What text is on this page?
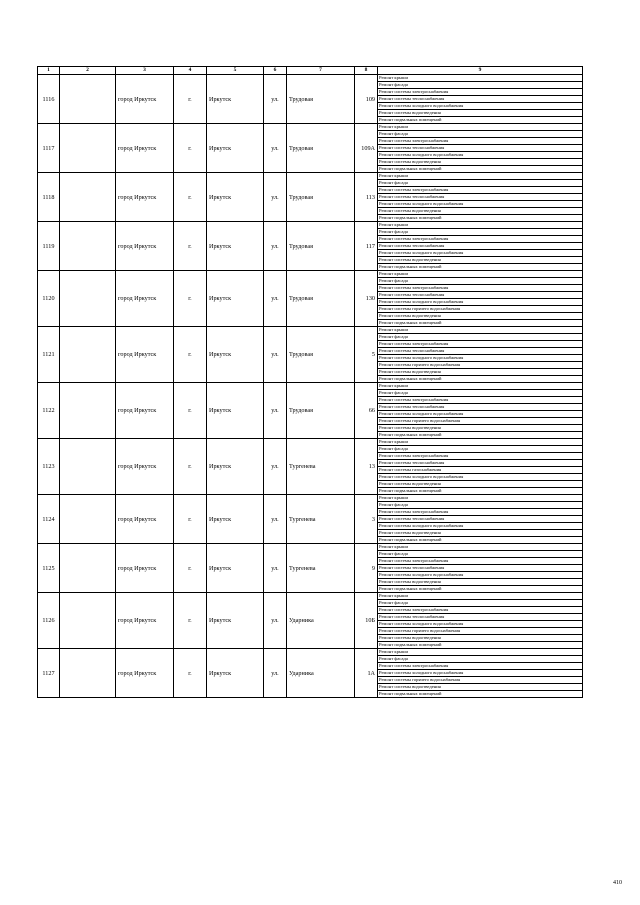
1	2	3	4	5	6	7	8	9
1116		город Иркутск	г.	Иркутск	ул.	Трудовая	109	Ремонт крыши
								Ремонт фасада
								Ремонт системы электроснабжения
								Ремонт системы теплоснабжения
								Ремонт системы холодного водоснабжения
								Ремонт системы водоотведения
								Ремонт подвальных помещений
1117		город Иркутск	г.	Иркутск	ул.	Трудовая	109А	Ремонт крыши
								Ремонт фасада
								Ремонт системы электроснабжения
								Ремонт системы теплоснабжения
								Ремонт системы холодного водоснабжения
								Ремонт системы водоотведения
								Ремонт подвальных помещений
1118		город Иркутск	г.	Иркутск	ул.	Трудовая	113	Ремонт крыши
								Ремонт фасада
								Ремонт системы электроснабжения
								Ремонт системы теплоснабжения
								Ремонт системы холодного водоснабжения
								Ремонт системы водоотведения
								Ремонт подвальных помещений
1119		город Иркутск	г.	Иркутск	ул.	Трудовая	117	Ремонт крыши
								Ремонт фасада
								Ремонт системы электроснабжения
								Ремонт системы теплоснабжения
								Ремонт системы холодного водоснабжения
								Ремонт системы водоотведения
								Ремонт подвальных помещений
1120		город Иркутск	г.	Иркутск	ул.	Трудовая	130	Ремонт крыши
								Ремонт фасада
								Ремонт системы электроснабжения
								Ремонт системы теплоснабжения
								Ремонт системы холодного водоснабжения
								Ремонт системы горячего водоснабжения
								Ремонт системы водоотведения
								Ремонт подвальных помещений
1121		город Иркутск	г.	Иркутск	ул.	Трудовая	5	Ремонт крыши
								Ремонт фасада
								Ремонт системы электроснабжения
								Ремонт системы теплоснабжения
								Ремонт системы холодного водоснабжения
								Ремонт системы горячего водоснабжения
								Ремонт системы водоотведения
								Ремонт подвальных помещений
1122		город Иркутск	г.	Иркутск	ул.	Трудовая	66	Ремонт крыши
								Ремонт фасада
								Ремонт системы электроснабжения
								Ремонт системы теплоснабжения
								Ремонт системы холодного водоснабжения
								Ремонт системы горячего водоснабжения
								Ремонт системы водоотведения
								Ремонт подвальных помещений
1123		город Иркутск	г.	Иркутск	ул.	Тургенева	13	Ремонт крыши
								Ремонт фасада
								Ремонт системы электроснабжения
								Ремонт системы теплоснабжения
								Ремонт системы газоснабжения
								Ремонт системы холодного водоснабжения
								Ремонт системы водоотведения
								Ремонт подвальных помещений
1124		город Иркутск	г.	Иркутск	ул.	Тургенева	3	Ремонт крыши
								Ремонт фасада
								Ремонт системы электроснабжения
								Ремонт системы теплоснабжения
								Ремонт системы холодного водоснабжения
								Ремонт системы водоотведения
								Ремонт подвальных помещений
1125		город Иркутск	г.	Иркутск	ул.	Тургенева	9	Ремонт крыши
								Ремонт фасада
								Ремонт системы электроснабжения
								Ремонт системы теплоснабжения
								Ремонт системы холодного водоснабжения
								Ремонт системы водоотведения
								Ремонт подвальных помещений
1126		город Иркутск	г.	Иркутск	ул.	Ударника	10Б	Ремонт крыши
								Ремонт фасада
								Ремонт системы электроснабжения
								Ремонт системы теплоснабжения
								Ремонт системы холодного водоснабжения
								Ремонт системы горячего водоснабжения
								Ремонт системы водоотведения
								Ремонт подвальных помещений
1127		город Иркутск	г.	Иркутск	ул.	Ударника	1А	Ремонт крыши
								Ремонт фасада
								Ремонт системы электроснабжения
								Ремонт системы холодного водоснабжения
								Ремонт системы горячего водоснабжения
								Ремонт системы водоотведения
								Ремонт подвальных помещений
410
